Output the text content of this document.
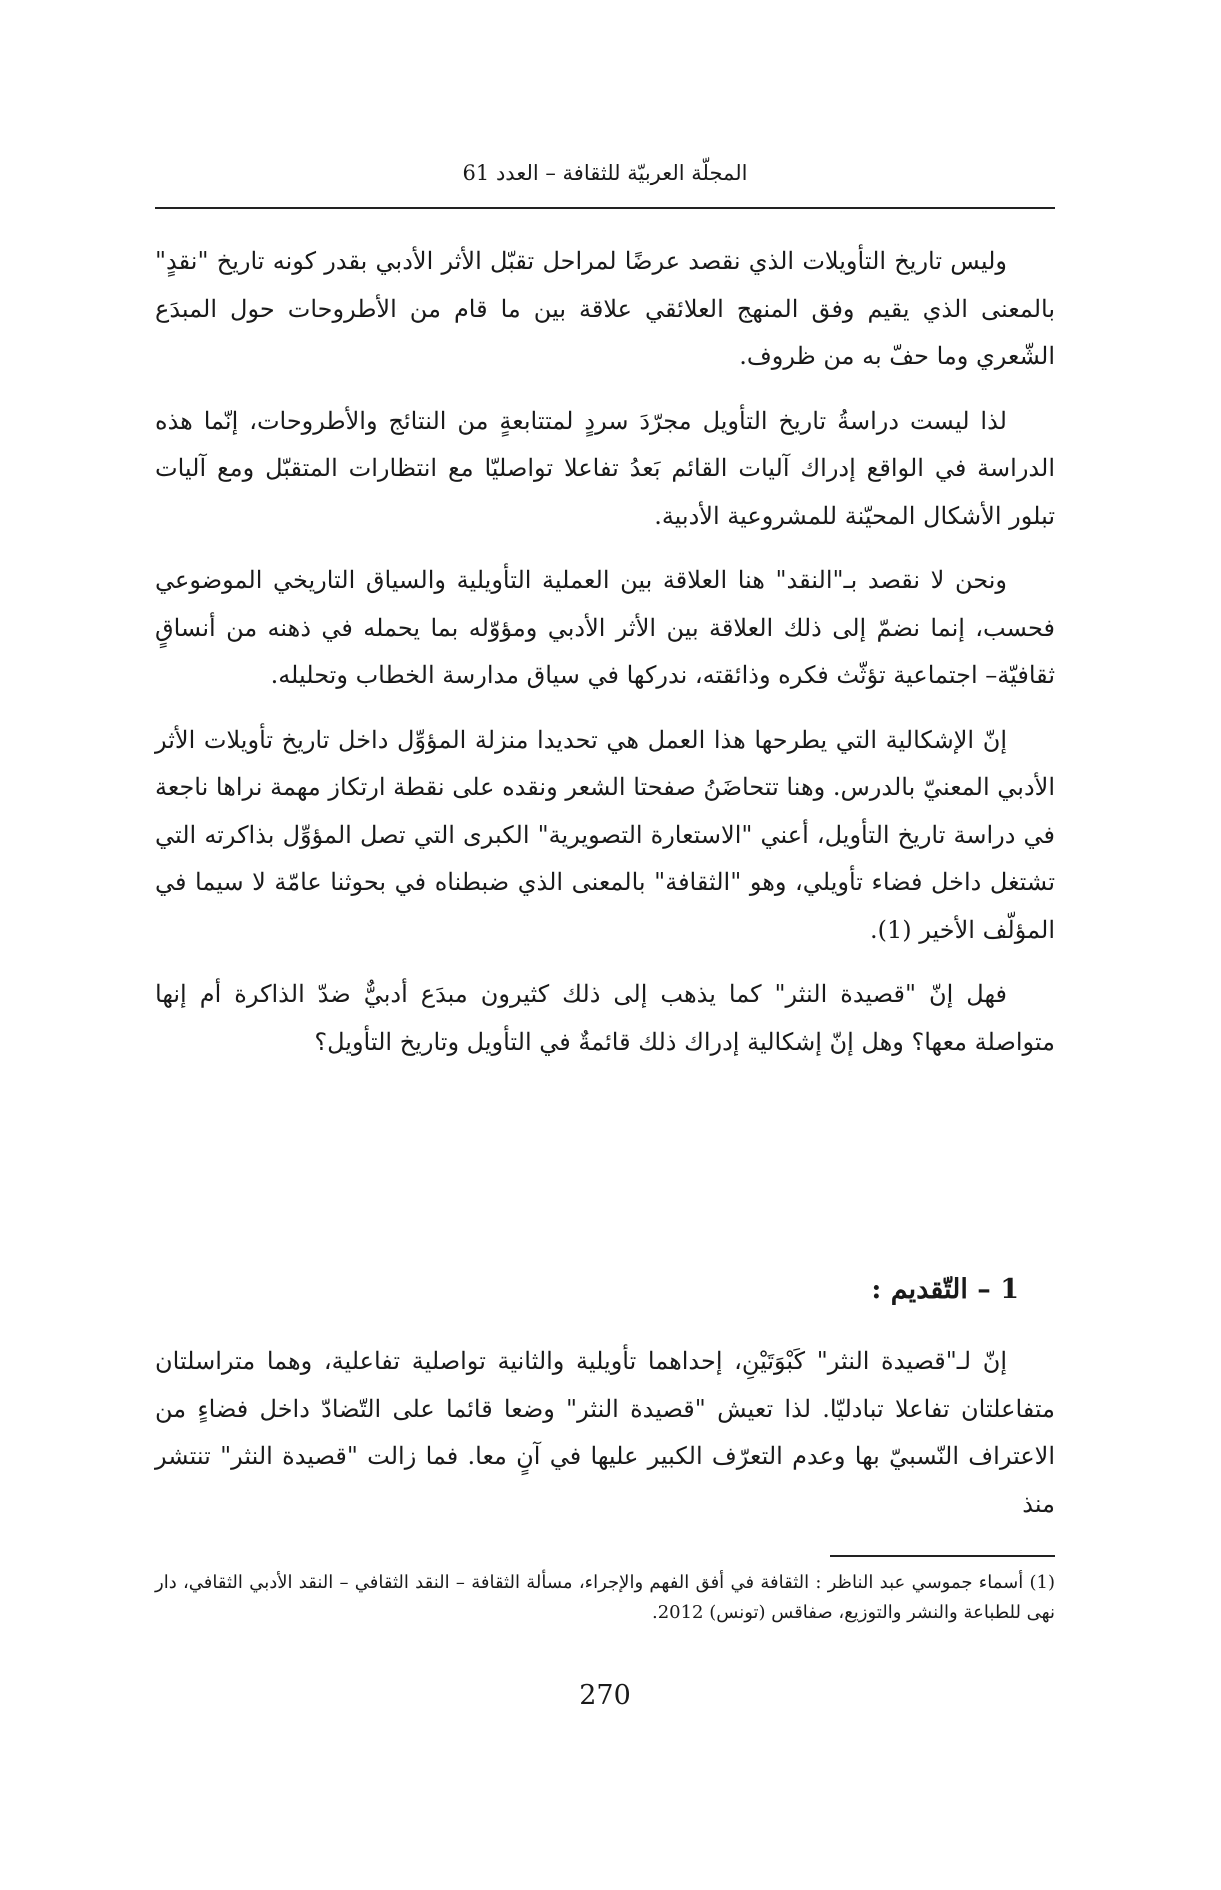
المجلّة العربيّة للثقافة – العدد 61

وليس تاريخ التأويلات الذي نقصد عرضًا لمراحل تقبّل الأثر الأدبي بقدر كونه تاريخ "نقدٍ" بالمعنى الذي يقيم وفق المنهج العلائقي علاقة بين ما قام من الأطروحات حول المبدَع الشّعري وما حفّ به من ظروف.

لذا ليست دراسةُ تاريخ التأويل مجرّدَ سردٍ لمتتابعةٍ من النتائج والأطروحات، إنّما هذه الدراسة في الواقع إدراك آليات القائم بَعدُ تفاعلا تواصليّا مع انتظارات المتقبّل ومع آليات تبلور الأشكال المحيّنة للمشروعية الأدبية.

ونحن لا نقصد بـ"النقد" هنا العلاقة بين العملية التأويلية والسياق التاريخي الموضوعي فحسب، إنما نضمّ إلى ذلك العلاقة بين الأثر الأدبي ومؤوّله بما يحمله في ذهنه من أنساقٍ ثقافيّة– اجتماعية تؤثّث فكره وذائقته، ندركها في سياق مدارسة الخطاب وتحليله.

إنّ الإشكالية التي يطرحها هذا العمل هي تحديدا منزلة المؤوِّل داخل تاريخ تأويلات الأثر الأدبي المعنيّ بالدرس. وهنا تتحاضَنُ صفحتا الشعر ونقده على نقطة ارتكاز مهمة نراها ناجعة في دراسة تاريخ التأويل، أعني "الاستعارة التصويرية" الكبرى التي تصل المؤوِّل بذاكرته التي تشتغل داخل فضاء تأويلي، وهو "الثقافة" بالمعنى الذي ضبطناه في بحوثنا عامّة لا سيما في المؤلّف الأخير (1).

فهل إنّ "قصيدة النثر" كما يذهب إلى ذلك كثيرون مبدَع أدبيٌّ ضدّ الذاكرة أم إنها متواصلة معها؟ وهل إنّ إشكالية إدراك ذلك قائمةٌ في التأويل وتاريخ التأويل؟

1 – التّقديم :

إنّ لـ"قصيدة النثر" كَبْوَتَيْنِ، إحداهما تأويلية والثانية تواصلية تفاعلية، وهما متراسلتان متفاعلتان تفاعلا تبادليّا. لذا تعيش "قصيدة النثر" وضعا قائما على التّضادّ داخل فضاءٍ من الاعتراف النّسبيّ بها وعدم التعرّف الكبير عليها في آنٍ معا. فما زالت "قصيدة النثر" تنتشر منذ

(1) أسماء جموسي عبد الناظر : الثقافة في أفق الفهم والإجراء، مسألة الثقافة – النقد الثقافي – النقد الأدبي الثقافي، دار نهى للطباعة والنشر والتوزيع، صفاقس (تونس) 2012.
270
